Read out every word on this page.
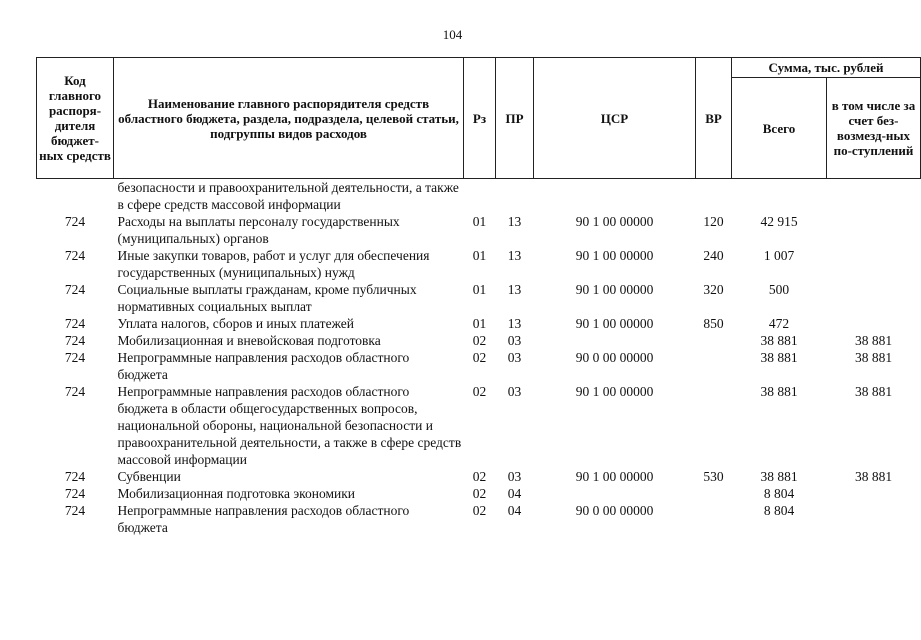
104
Код главного распоря-дителя бюджет-ных средств	Наименование главного распорядителя средств областного бюджета, раздела, подраздела, целевой статьи, подгруппы видов расходов	Рз	ПР	ЦСР	ВР	Сумма, тыс. рублей	
						Всего	в том числе за счет без-возмезд-ных по-ступлений
	безопасности и правоохранительной деятельности, а также в сфере средств массовой информации						
724	Расходы на выплаты персоналу государственных (муниципальных) органов	01	13	90 1 00 00000	120	42 915	
724	Иные закупки товаров, работ и услуг для обеспечения государственных (муниципальных) нужд	01	13	90 1 00 00000	240	1 007	
724	Социальные выплаты гражданам, кроме публичных нормативных социальных выплат	01	13	90 1 00 00000	320	500	
724	Уплата налогов, сборов и иных платежей	01	13	90 1 00 00000	850	472	
724	Мобилизационная и вневойсковая подготовка	02	03			38 881	38 881
724	Непрограммные направления расходов областного бюджета	02	03	90 0 00 00000		38 881	38 881
724	Непрограммные направления расходов областного бюджета в области общегосударственных вопросов, национальной обороны, национальной безопасности и правоохранительной деятельности, а также в сфере средств массовой информации	02	03	90 1 00 00000		38 881	38 881
724	Субвенции	02	03	90 1 00 00000	530	38 881	38 881
724	Мобилизационная подготовка экономики	02	04			8 804	
724	Непрограммные направления расходов областного бюджета	02	04	90 0 00 00000		8 804	
